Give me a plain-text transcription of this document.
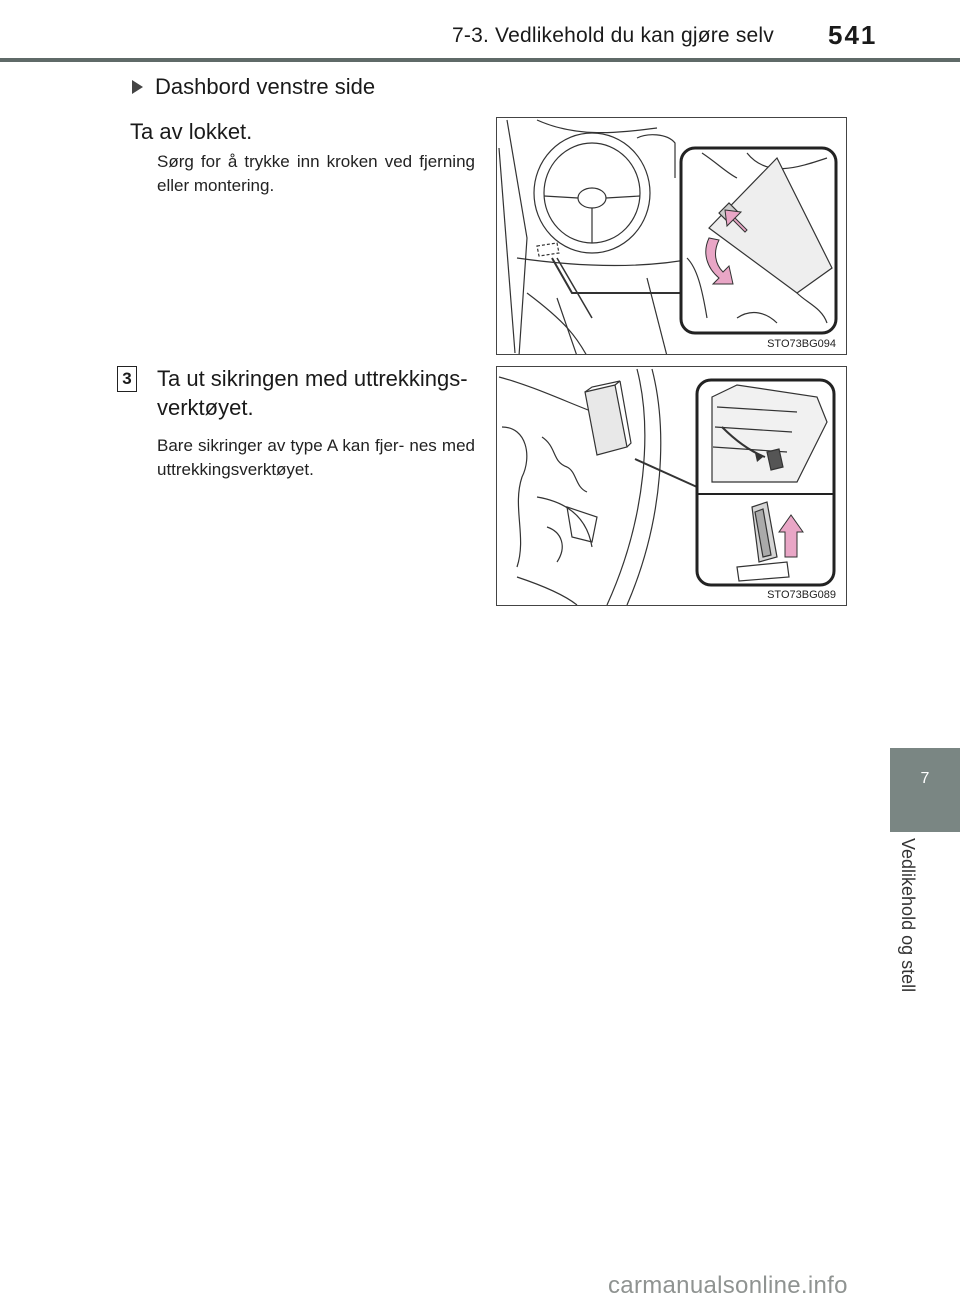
7-3. Vedlikehold du kan gjøre selv 541
7
Vedlikehold og stell
Dashbord venstre side
Ta av lokket.
Sørg for å trykke inn kroken ved fjerning eller montering.
STO73BG094
3 Ta ut sikringen med uttrekkings-
verktøyet.
Bare sikringer av type A kan fjer- nes med uttrekkingsverktøyet.
STO73BG089
carmanualsonline.info
